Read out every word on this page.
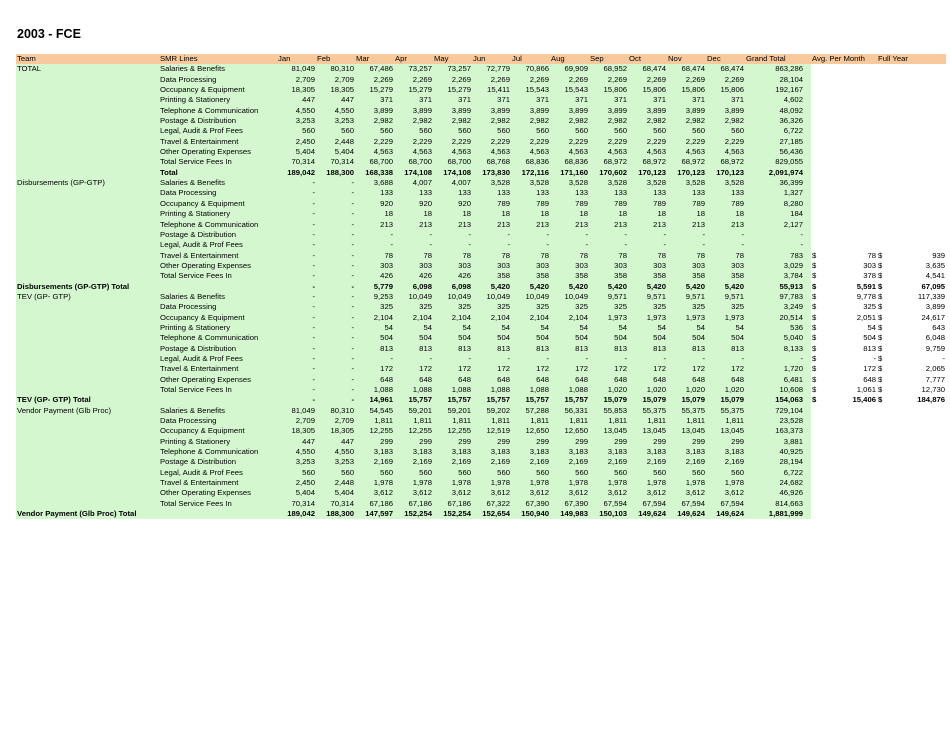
2003 - FCE
Team	SMR Lines	Jan	Feb	Mar	Apr	May	Jun	Jul	Aug	Sep	Oct	Nov	Dec	Grand Total	Avg. Per Month		Full Year	
TOTAL	Salaries & Benefits	81,049	80,310	67,486	73,257	73,257	72,779	70,866	69,909	68,952	68,474	68,474	68,474	863,286				
	Data Processing	2,709	2,709	2,269	2,269	2,269	2,269	2,269	2,269	2,269	2,269	2,269	2,269	28,104				
	Occupancy & Equipment	18,305	18,305	15,279	15,279	15,279	15,411	15,543	15,543	15,806	15,806	15,806	15,806	192,167				
	Printing & Stationery	447	447	371	371	371	371	371	371	371	371	371	371	4,602				
	Telephone & Communication	4,550	4,550	3,899	3,899	3,899	3,899	3,899	3,899	3,899	3,899	3,899	3,899	48,092				
	Postage & Distribution	3,253	3,253	2,982	2,982	2,982	2,982	2,982	2,982	2,982	2,982	2,982	2,982	36,326				
	Legal, Audit & Prof Fees	560	560	560	560	560	560	560	560	560	560	560	560	6,722				
	Travel & Entertainment	2,450	2,448	2,229	2,229	2,229	2,229	2,229	2,229	2,229	2,229	2,229	2,229	27,185				
	Other Operating Expenses	5,404	5,404	4,563	4,563	4,563	4,563	4,563	4,563	4,563	4,563	4,563	4,563	56,436				
	Total Service Fees In	70,314	70,314	68,700	68,700	68,700	68,768	68,836	68,836	68,972	68,972	68,972	68,972	829,055				
	Total	189,042	188,300	168,338	174,108	174,108	173,830	172,116	171,160	170,602	170,123	170,123	170,123	2,091,974				
Disbursements (GP-GTP)	Salaries & Benefits	-	-	3,688	4,007	4,007	3,528	3,528	3,528	3,528	3,528	3,528	3,528	36,399				
	Data Processing	-	-	133	133	133	133	133	133	133	133	133	133	1,327				
	Occupancy & Equipment	-	-	920	920	920	789	789	789	789	789	789	789	8,280				
	Printing & Stationery	-	-	18	18	18	18	18	18	18	18	18	18	184				
	Telephone & Communication	-	-	213	213	213	213	213	213	213	213	213	213	2,127				
	Postage & Distribution	-	-	-	-	-	-	-	-	-	-	-	-	-				
	Legal, Audit & Prof Fees	-	-	-	-	-	-	-	-	-	-	-	-	-				
	Travel & Entertainment	-	-	78	78	78	78	78	78	78	78	78	78	783	$	78	$	939
	Other Operating Expenses	-	-	303	303	303	303	303	303	303	303	303	303	3,029	$	303	$	3,635
	Total Service Fees In	-	-	426	426	426	358	358	358	358	358	358	358	3,784	$	378	$	4,541
Disbursements (GP-GTP) Total		-	-	5,779	6,098	6,098	5,420	5,420	5,420	5,420	5,420	5,420	5,420	55,913	$	5,591	$	67,095
TEV (GP- GTP)	Salaries & Benefits	-	-	9,253	10,049	10,049	10,049	10,049	10,049	9,571	9,571	9,571	9,571	97,783	$	9,778	$	117,339
	Data Processing	-	-	325	325	325	325	325	325	325	325	325	325	3,249	$	325	$	3,899
	Occupancy & Equipment	-	-	2,104	2,104	2,104	2,104	2,104	2,104	1,973	1,973	1,973	1,973	20,514	$	2,051	$	24,617
	Printing & Stationery	-	-	54	54	54	54	54	54	54	54	54	54	536	$	54	$	643
	Telephone & Communication	-	-	504	504	504	504	504	504	504	504	504	504	5,040	$	504	$	6,048
	Postage & Distribution	-	-	813	813	813	813	813	813	813	813	813	813	8,133	$	813	$	9,759
	Legal, Audit & Prof Fees	-	-	-	-	-	-	-	-	-	-	-	-	-	$	-	$	-
	Travel & Entertainment	-	-	172	172	172	172	172	172	172	172	172	172	1,720	$	172	$	2,065
	Other Operating Expenses	-	-	648	648	648	648	648	648	648	648	648	648	6,481	$	648	$	7,777
	Total Service Fees In	-	-	1,088	1,088	1,088	1,088	1,088	1,088	1,020	1,020	1,020	1,020	10,608	$	1,061	$	12,730
TEV (GP- GTP) Total		-	-	14,961	15,757	15,757	15,757	15,757	15,757	15,079	15,079	15,079	15,079	154,063	$	15,406	$	184,876
Vendor Payment (Glb Proc)	Salaries & Benefits	81,049	80,310	54,545	59,201	59,201	59,202	57,288	56,331	55,853	55,375	55,375	55,375	729,104				
	Data Processing	2,709	2,709	1,811	1,811	1,811	1,811	1,811	1,811	1,811	1,811	1,811	1,811	23,528				
	Occupancy & Equipment	18,305	18,305	12,255	12,255	12,255	12,519	12,650	12,650	13,045	13,045	13,045	13,045	163,373				
	Printing & Stationery	447	447	299	299	299	299	299	299	299	299	299	299	3,881				
	Telephone & Communication	4,550	4,550	3,183	3,183	3,183	3,183	3,183	3,183	3,183	3,183	3,183	3,183	40,925				
	Postage & Distribution	3,253	3,253	2,169	2,169	2,169	2,169	2,169	2,169	2,169	2,169	2,169	2,169	28,194				
	Legal, Audit & Prof Fees	560	560	560	560	560	560	560	560	560	560	560	560	6,722				
	Travel & Entertainment	2,450	2,448	1,978	1,978	1,978	1,978	1,978	1,978	1,978	1,978	1,978	1,978	24,682				
	Other Operating Expenses	5,404	5,404	3,612	3,612	3,612	3,612	3,612	3,612	3,612	3,612	3,612	3,612	46,926				
	Total Service Fees In	70,314	70,314	67,186	67,186	67,186	67,322	67,390	67,390	67,594	67,594	67,594	67,594	814,663				
Vendor Payment (Glb Proc) Total		189,042	188,300	147,597	152,254	152,254	152,654	150,940	149,983	150,103	149,624	149,624	149,624	1,881,999				
